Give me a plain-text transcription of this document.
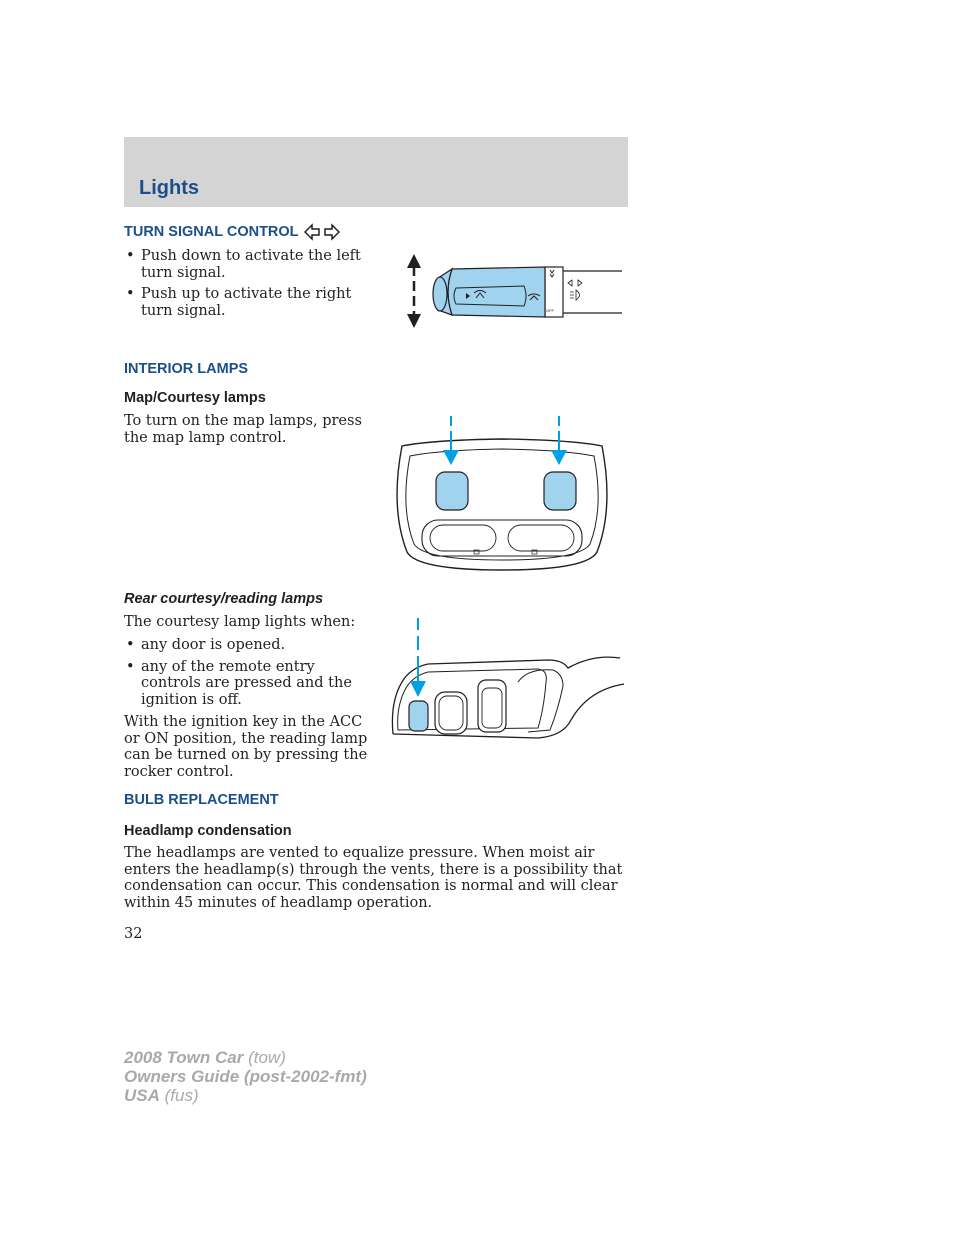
Lights
TURN SIGNAL CONTROL
• Push down to activate the left turn signal.
• Push up to activate the right turn signal.	OFF
INTERIOR LAMPS
Map/Courtesy lamps

To turn on the map lamps, press the map lamp control.

Rear courtesy/reading lamps

The courtesy lamp lights when:

• any door is opened.
• any of the remote entry controls are pressed and the ignition is off.

With the ignition key in the ACC or ON position, the reading lamp can be turned on by pressing the rocker control.

BULB REPLACEMENT
Headlamp condensation

The headlamps are vented to equalize pressure. When moist air enters the headlamp(s) through the vents, there is a possibility that condensation can occur. This condensation is normal and will clear within 45 minutes of headlamp operation.

32
2008 Town Car (tow)
Owners Guide (post-2002-fmt)
USA (fus)
